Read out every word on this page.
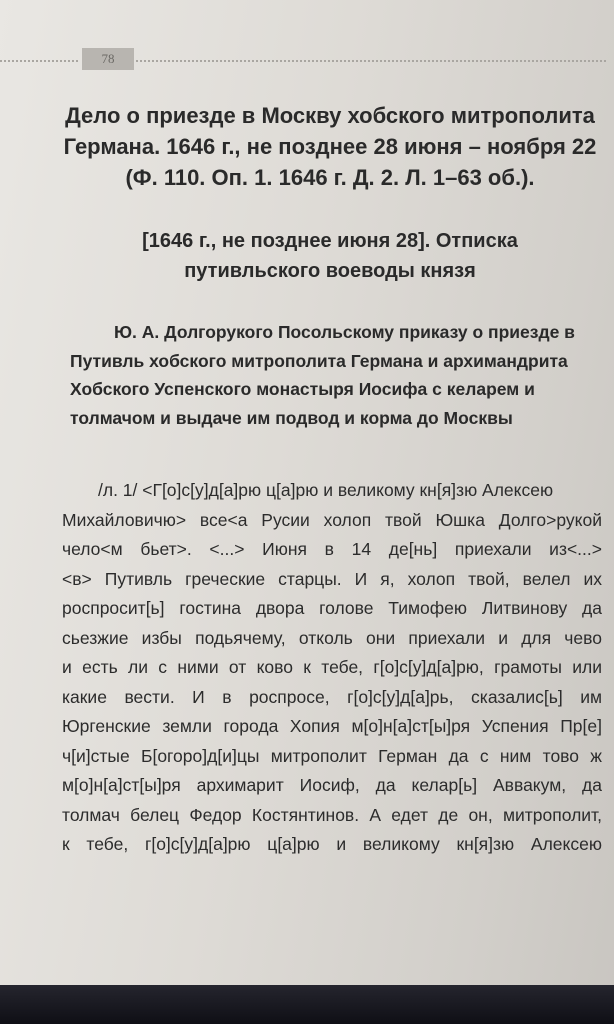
78
Дело о приезде в Москву хобского митрополита
Германа. 1646 г., не позднее 28 июня – ноября 22
(Ф. 110. Оп. 1. 1646 г. Д. 2. Л. 1–63 об.).
[1646 г., не позднее июня 28]. Отписка
путивльского воеводы князя
Ю. А. Долгорукого Посольскому приказу о приезде в
Путивль хобского митрополита Германа и архимандрита
Хобского Успенского монастыря Иосифа с келарем и
толмачом и выдаче им подвод и корма до Москвы
/л. 1/ <Г[о]с[у]д[а]рю ц[а]рю и великому кн[я]зю Алексею
Михайловичю> все<а Русии холоп твой Юшка Долго>рукой
чело<м бьет>. <...> Июня в 14 де[нь] приехали из<...>
<в> Путивль греческие старцы. И я, холоп твой, велел их
роспросит[ь] гостина двора голове Тимофею Литвинову да
сьезжие избы подьячему, отколь они приехали и для чево
и есть ли с ними от ково к тебе, г[о]с[у]д[а]рю, грамоты или
какие вести. И в роспросе, г[о]с[у]д[а]рь, сказалис[ь] им
Юргенские земли города Хопия м[о]н[а]ст[ы]ря Успения Пр[е]
ч[и]стые Б[огоро]д[и]цы митрополит Герман да с ним тово ж
м[о]н[а]ст[ы]ря архимарит Иосиф, да келар[ь] Аввакум, да
толмач белец Федор Костянтинов. А едет де он, митрополит,
к тебе, г[о]с[у]д[а]рю ц[а]рю и великому кн[я]зю Алексею
